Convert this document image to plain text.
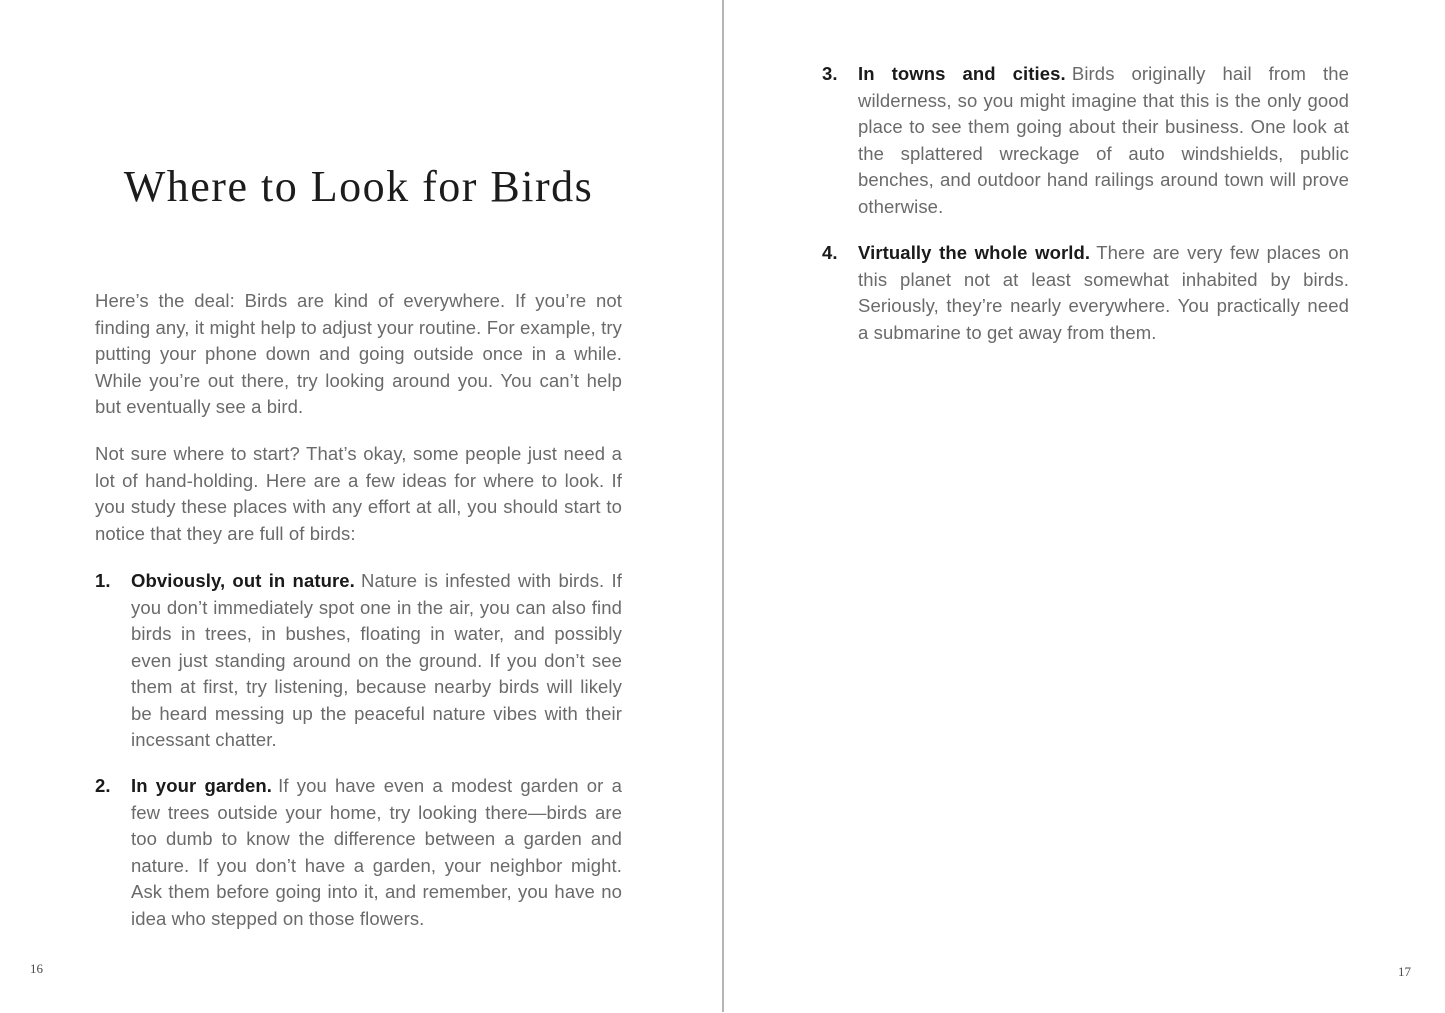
Where to Look for Birds

Here’s the deal: Birds are kind of everywhere. If you’re not finding any, it might help to adjust your routine. For example, try putting your phone down and going outside once in a while. While you’re out there, try looking around you. You can’t help but eventually see a bird.

Not sure where to start? That’s okay, some people just need a lot of hand-holding. Here are a few ideas for where to look. If you study these places with any effort at all, you should start to notice that they are full of birds:

1.	Obviously, out in nature. Nature is infested with birds. If you don’t immediately spot one in the air, you can also find birds in trees, in bushes, floating in water, and possibly even just standing around on the ground. If you don’t see them at first, try listening, because nearby birds will likely be heard messing up the peaceful nature vibes with their incessant chatter.
2.	In your garden. If you have even a modest garden or a few trees outside your home, try looking there—birds are too dumb to know the difference between a garden and nature. If you don’t have a garden, your neighbor might. Ask them before going into it, and remember, you have no idea who stepped on those flowers.
3.	In towns and cities. Birds originally hail from the wilderness, so you might imagine that this is the only good place to see them going about their business. One look at the splattered wreckage of auto windshields, public benches, and outdoor hand railings around town will prove otherwise.
4.	Virtually the whole world. There are very few places on this planet not at least somewhat inhabited by birds. Seriously, they’re nearly everywhere. You practically need a submarine to get away from them.
16	17
